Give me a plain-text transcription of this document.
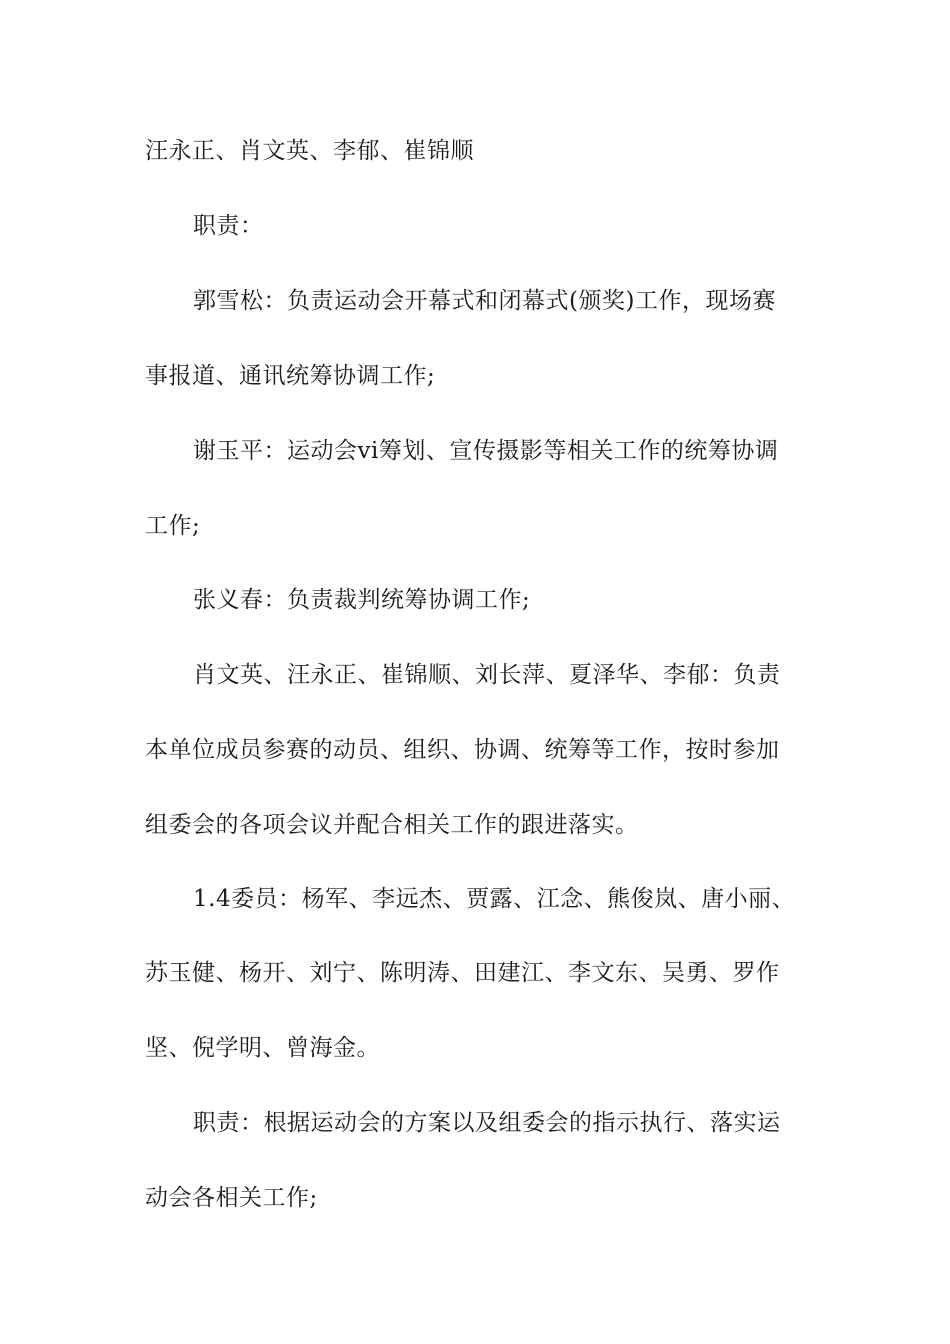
汪永正、肖文英、李郁、崔锦顺
职责：
郭雪松：负责运动会开幕式和闭幕式(颁奖)工作，现场赛
事报道、通讯统筹协调工作;
谢玉平：运动会vi筹划、宣传摄影等相关工作的统筹协调
工作;
张义春：负责裁判统筹协调工作;
肖文英、汪永正、崔锦顺、刘长萍、夏泽华、李郁：负责
本单位成员参赛的动员、组织、协调、统筹等工作，按时参加
组委会的各项会议并配合相关工作的跟进落实。
1.4委员：杨军、李远杰、贾露、江念、熊俊岚、唐小丽、
苏玉健、杨开、刘宁、陈明涛、田建江、李文东、吴勇、罗作
坚、倪学明、曾海金。
职责：根据运动会的方案以及组委会的指示执行、落实运
动会各相关工作;
